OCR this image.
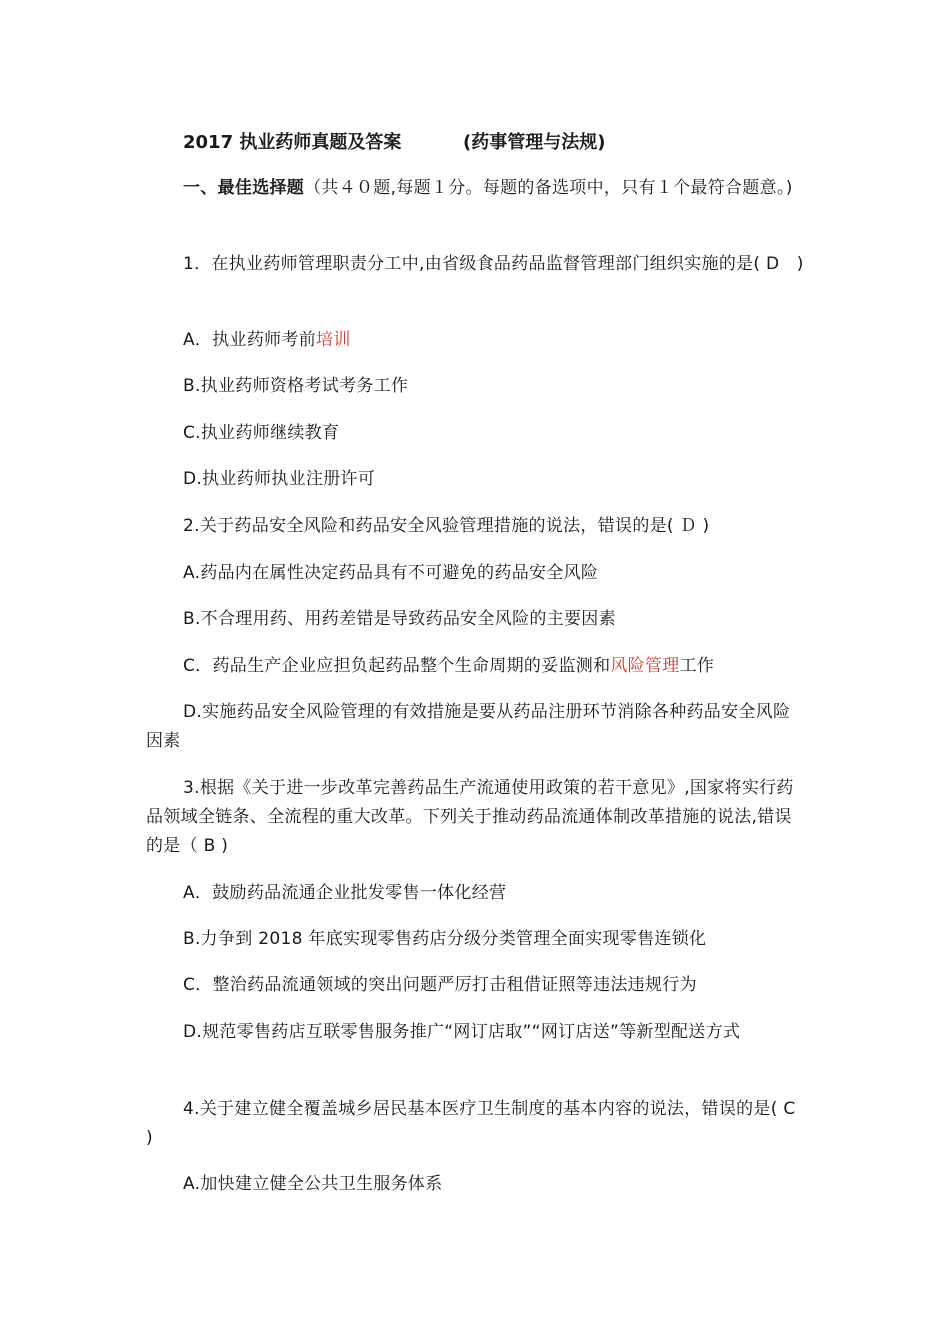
2017 执业药师真题及答案	(药事管理与法规)
一、最佳选择题（共４０题,每题１分。每题的备选项中，只有１个最符合题意。)
1．在执业药师管理职责分工中,由省级食品药品监督管理部门组织实施的是( D　)
A．执业药师考前培训
B.执业药师资格考试考务工作
C.执业药师继续教育
D.执业药师执业注册许可
2.关于药品安全风险和药品安全风验管理措施的说法，错误的是( Ｄ )
A.药品内在属性决定药品具有不可避免的药品安全风险
B.不合理用药、用药差错是导致药品安全风险的主要因素
C．药品生产企业应担负起药品整个生命周期的妥监测和风险管理工作
D.实施药品安全风险管理的有效措施是要从药品注册环节消除各种药品安全风险因素
3.根据《关于进一步改革完善药品生产流通使用政策的若干意见》,国家将实行药品领域全链条、全流程的重大改革。下列关于推动药品流通体制改革措施的说法,错误的是（ B )
A．鼓励药品流通企业批发零售一体化经营
B.力争到 2018 年底实现零售药店分级分类管理全面实现零售连锁化
C．整治药品流通领域的突出问题严厉打击租借证照等违法违规行为
D.规范零售药店互联零售服务推广“网订店取”“网订店送”等新型配送方式
4.关于建立健全覆盖城乡居民基本医疗卫生制度的基本内容的说法，错误的是( C )
A.加快建立健全公共卫生服务体系
